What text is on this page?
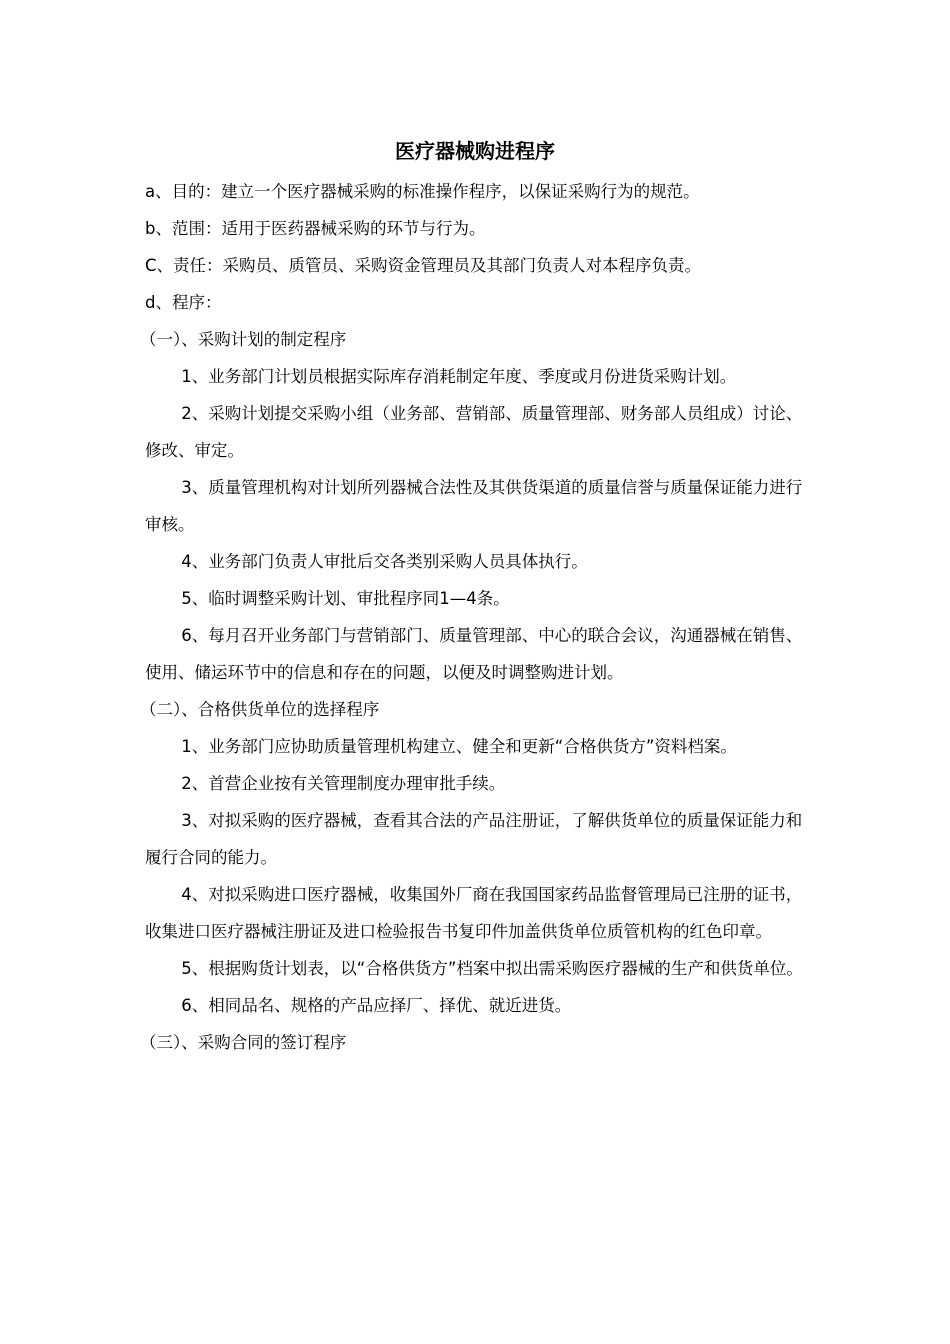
医疗器械购进程序

a、目的：建立一个医疗器械采购的标准操作程序，以保证采购行为的规范。

b、范围：适用于医药器械采购的环节与行为。

C、责任：采购员、质管员、采购资金管理员及其部门负责人对本程序负责。

d、程序：

（一）、采购计划的制定程序

1、业务部门计划员根据实际库存消耗制定年度、季度或月份进货采购计划。

2、采购计划提交采购小组（业务部、营销部、质量管理部、财务部人员组成）讨论、修改、审定。

3、质量管理机构对计划所列器械合法性及其供货渠道的质量信誉与质量保证能力进行审核。

4、业务部门负责人审批后交各类别采购人员具体执行。

5、临时调整采购计划、审批程序同1—4条。

6、每月召开业务部门与营销部门、质量管理部、中心的联合会议，沟通器械在销售、使用、储运环节中的信息和存在的问题，以便及时调整购进计划。

（二）、合格供货单位的选择程序

1、业务部门应协助质量管理机构建立、健全和更新“合格供货方”资料档案。

2、首营企业按有关管理制度办理审批手续。

3、对拟采购的医疗器械，查看其合法的产品注册证，了解供货单位的质量保证能力和履行合同的能力。

4、对拟采购进口医疗器械，收集国外厂商在我国国家药品监督管理局已注册的证书，收集进口医疗器械注册证及进口检验报告书复印件加盖供货单位质管机构的红色印章。

5、根据购货计划表，以“合格供货方”档案中拟出需采购医疗器械的生产和供货单位。

6、相同品名、规格的产品应择厂、择优、就近进货。

（三）、采购合同的签订程序
